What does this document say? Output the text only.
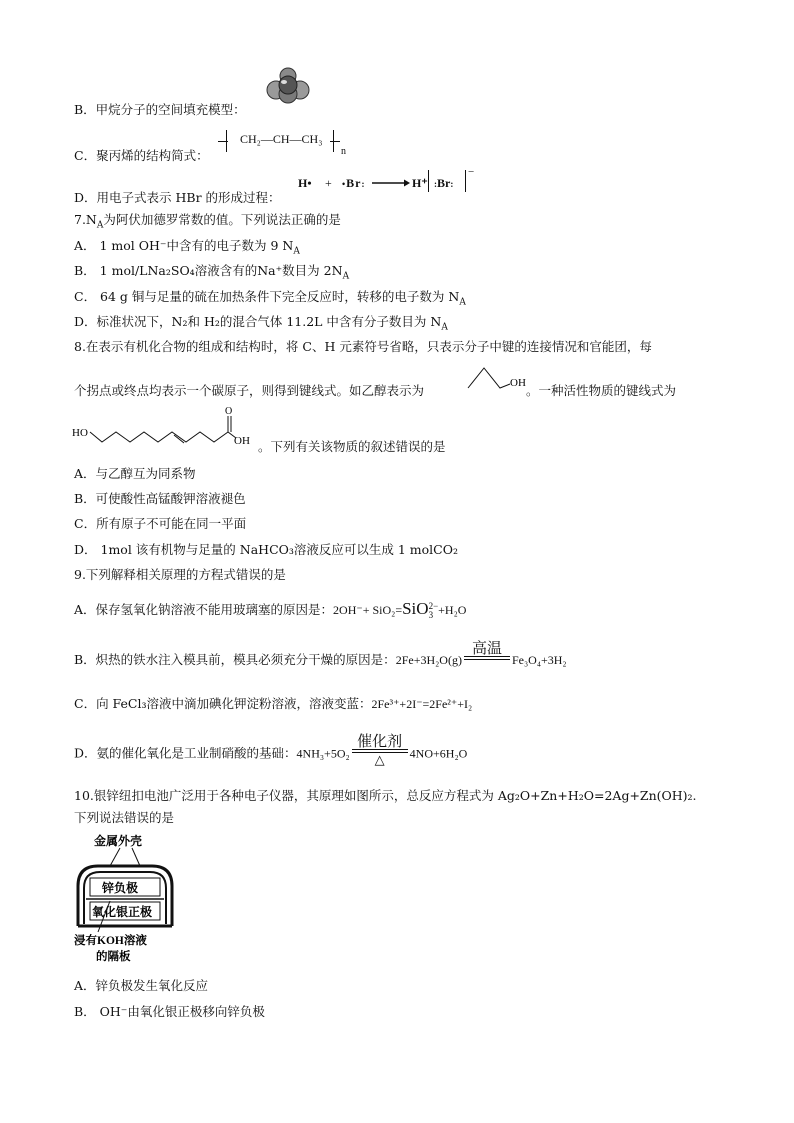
B．甲烷分子的空间填充模型：
C．聚丙烯的结构简式：
CH₂—CH—CH₃
n
D．用电子式表示 HBr 的形成过程：
H• + •Br: → H⁺ :Br:
−
$7.N_A$为阿伏加德罗常数的值。下列说法正确的是
A． 1 mol OH⁻中含有的电子数为 9 $N_A$
B． 1 mol/LNa₂SO₄溶液含有的Na⁺数目为 $2N_A$
C． 64 g 铜与足量的硫在加热条件下完全反应时，转移的电子数为 $N_A$
D．标准状况下，N₂和 H₂的混合气体 11.2L 中含有分子数目为 $N_A$
8.在表示有机化合物的组成和结构时，将 C、H 元素符号省略，只表示分子中键的连接情况和官能团，每
个拐点或终点均表示一个碳原子，则得到键线式。如乙醇表示为	OH 。一种活性物质的键线式为
HO
O
OH 。下列有关该物质的叙述错误的是
A．与乙醇互为同系物
B．可使酸性高锰酸钾溶液褪色
C．所有原子不可能在同一平面
D． 1mol 该有机物与足量的 NaHCO₃溶液反应可以生成 1 molCO₂
9.下列解释相关原理的方程式错误的是
A．保存氢氧化钠溶液不能用玻璃塞的原因是：2OH⁻+ SiO₂=SiO 2−
3 +H₂O
B．炽热的铁水注入模具前，模具必须充分干燥的原因是：2Fe+3H₂O(g)
高温
Fe₃O₄+3H₂
C．向 FeCl₃溶液中滴加碘化钾淀粉溶液，溶液变蓝：2Fe³⁺+2I⁻=2Fe²⁺+I₂
D．氨的催化氧化是工业制硝酸的基础：4NH₃+5O₂
催化剂
△	4NO+6H₂O
10.银锌纽扣电池广泛用于各种电子仪器，其原理如图所示，总反应方程式为 Ag₂O+Zn+H₂O=2Ag+Zn(OH)₂.
下列说法错误的是
金属外壳
锌负极
氧化银正极
浸有KOH溶液
的隔板
A．锌负极发生氧化反应
B． OH⁻由氧化银正极移向锌负极
